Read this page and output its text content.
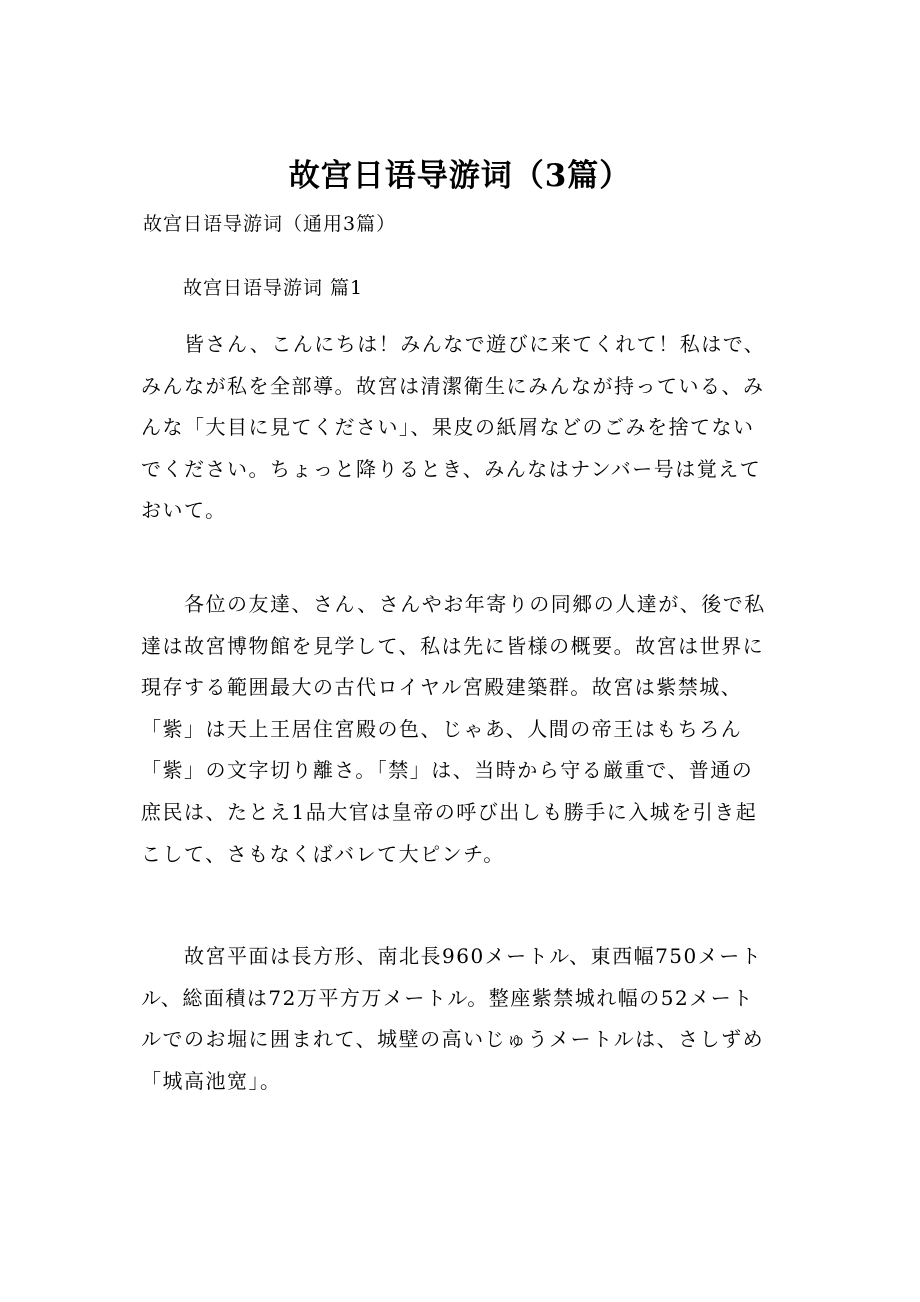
故宫日语导游词（3篇）
故宫日语导游词（通用3篇）
故宫日语导游词 篇1
　　皆さん、こんにちは！みんなで遊びに来てくれて！私はで、
みんなが私を全部導。故宮は清潔衛生にみんなが持っている、み
んな「大目に見てください」、果皮の紙屑などのごみを捨てない
でください。ちょっと降りるとき、みんなはナンバー号は覚えて
おいて。
　　各位の友達、さん、さんやお年寄りの同郷の人達が、後で私
達は故宮博物館を見学して、私は先に皆様の概要。故宮は世界に
現存する範囲最大の古代ロイヤル宮殿建築群。故宮は紫禁城、
「紫」は天上王居住宮殿の色、じゃあ、人間の帝王はもちろん
「紫」の文字切り離さ。「禁」は、当時から守る厳重で、普通の
庶民は、たとえ1品大官は皇帝の呼び出しも勝手に入城を引き起
こして、さもなくばバレて大ピンチ。
　　故宮平面は長方形、南北長960メートル、東西幅750メート
ル、総面積は72万平方万メートル。整座紫禁城れ幅の52メート
ルでのお堀に囲まれて、城壁の高いじゅうメートルは、さしずめ
「城高池宽」。
